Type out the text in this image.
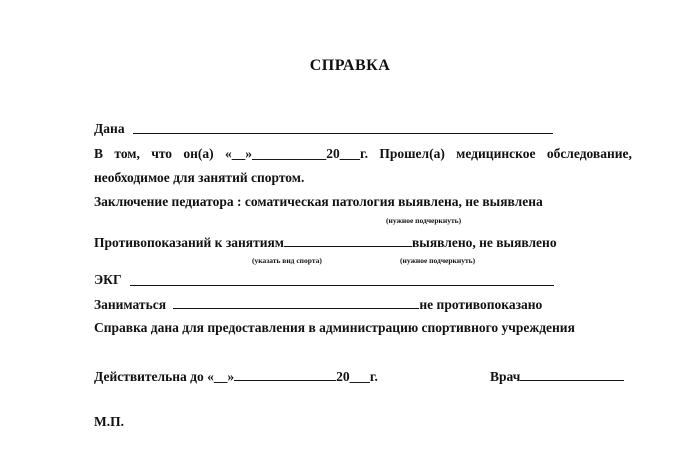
СПРАВКА
Дана
В том, что он(а) «__»___________20___г. Прошел(а) медицинское обследование,
необходимое для занятий спортом.
Заключение педиатора : соматическая патология выявлена, не выявлена
(нужное подчеркнуть)
Противопоказаний к занятиям	выявлено, не выявлено
(указать вид спорта)	(нужное подчеркнуть)
ЭКГ
Заниматься	не противопоказано
Справка дана для предоставления в администрацию спортивного учреждения
Действительна до «__»	20___г.	Врач
М.П.
